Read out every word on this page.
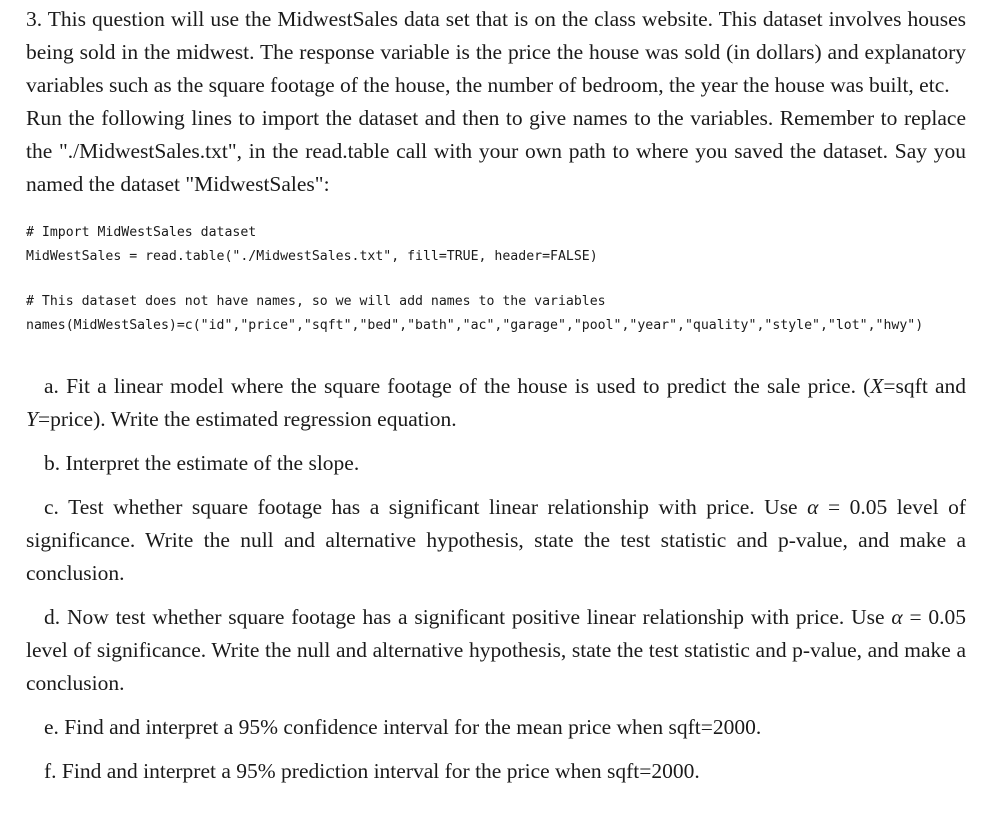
3. This question will use the MidwestSales data set that is on the class website. This dataset involves houses being sold in the midwest. The response variable is the price the house was sold (in dollars) and explanatory variables such as the square footage of the house, the number of bedroom, the year the house was built, etc.
Run the following lines to import the dataset and then to give names to the variables. Remember to replace the "./MidwestSales.txt", in the read.table call with your own path to where you saved the dataset. Say you named the dataset "MidwestSales":

# Import MidWestSales dataset
MidWestSales = read.table("./MidwestSales.txt", fill=TRUE, header=FALSE)
# This dataset does not have names, so we will add names to the variables
names(MidWestSales)=c("id","price","sqft","bed","bath","ac","garage","pool","year","quality","style","lot","hwy")

a. Fit a linear model where the square footage of the house is used to predict the sale price. (X=sqft and Y=price). Write the estimated regression equation.

b. Interpret the estimate of the slope.

c. Test whether square footage has a significant linear relationship with price. Use α = 0.05 level of significance. Write the null and alternative hypothesis, state the test statistic and p-value, and make a conclusion.

d. Now test whether square footage has a significant positive linear relationship with price. Use α = 0.05 level of significance. Write the null and alternative hypothesis, state the test statistic and p-value, and make a conclusion.

e. Find and interpret a 95% confidence interval for the mean price when sqft=2000.

f. Find and interpret a 95% prediction interval for the price when sqft=2000.
